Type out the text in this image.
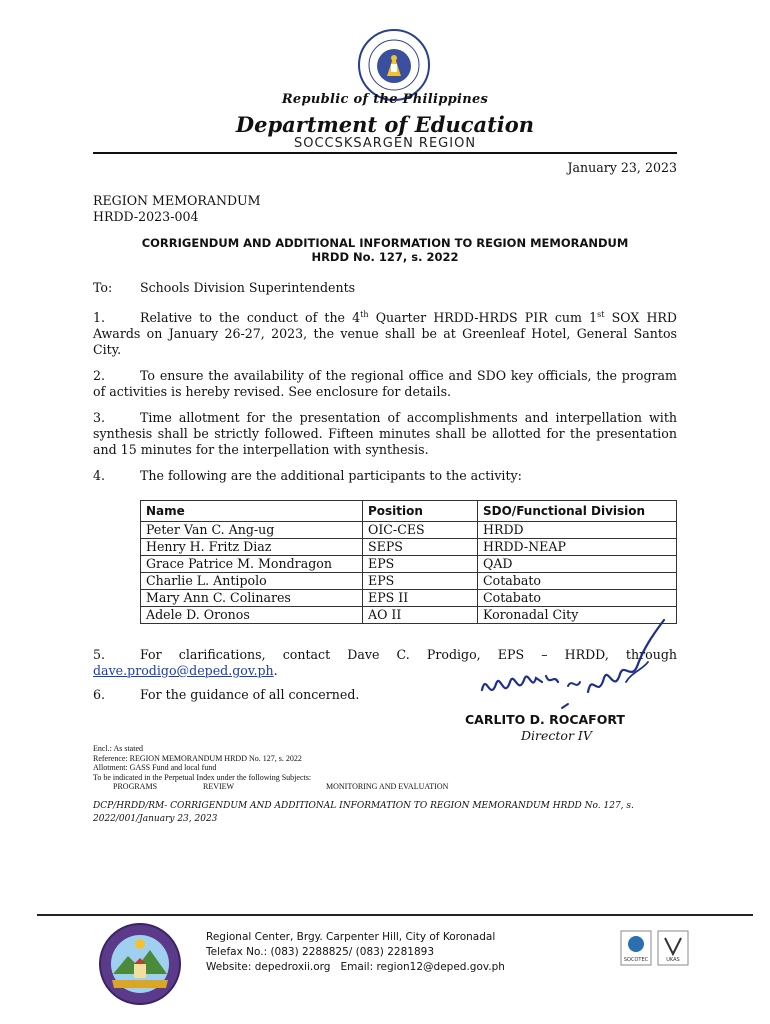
Republic of the Philippines
Department of Education
SOCCSKSARGEN REGION
January 23, 2023
REGION MEMORANDUM
HRDD-2023-004
CORRIGENDUM AND ADDITIONAL INFORMATION TO REGION MEMORANDUM
HRDD No. 127, s. 2022
To: Schools Division Superintendents
1.	Relative to the conduct of the 4th Quarter HRDD-HRDS PIR cum 1st SOX HRD Awards on January 26-27, 2023, the venue shall be at Greenleaf Hotel, General Santos City.
2.	To ensure the availability of the regional office and SDO key officials, the program of activities is hereby revised. See enclosure for details.
3.	Time allotment for the presentation of accomplishments and interpellation with synthesis shall be strictly followed. Fifteen minutes shall be allotted for the presentation and 15 minutes for the interpellation with synthesis.
4.	The following are the additional participants to the activity:
Name	Position	SDO/Functional Division
Peter Van C. Ang-ug	OIC-CES	HRDD
Henry H. Fritz Diaz	SEPS	HRDD-NEAP
Grace Patrice M. Mondragon	EPS	QAD
Charlie L. Antipolo	EPS	Cotabato
Mary Ann C. Colinares	EPS II	Cotabato
Adele D. Oronos	AO II	Koronadal City
5.	For clarifications, contact Dave C. Prodigo, EPS – HRDD, through dave.prodigo@deped.gov.ph.
6.	For the guidance of all concerned.
CARLITO D. ROCAFORT
Director IV
Encl.: As stated
Reference: REGION MEMORANDUM HRDD No. 127, s. 2022
Allotment: GASS Fund and local fund
To be indicated in the Perpetual Index under the following Subjects:
PROGRAMS	REVIEW	MONITORING AND EVALUATION
DCP/HRDD/RM- CORRIGENDUM AND ADDITIONAL INFORMATION TO REGION MEMORANDUM HRDD No. 127, s. 2022/001/January 23, 2023
Regional Center, Brgy. Carpenter Hill, City of Koronadal
Telefax No.: (083) 2288825/ (083) 2281893
Website: depedroxii.org Email: region12@deped.gov.ph
SOCOTEC	UKAS
